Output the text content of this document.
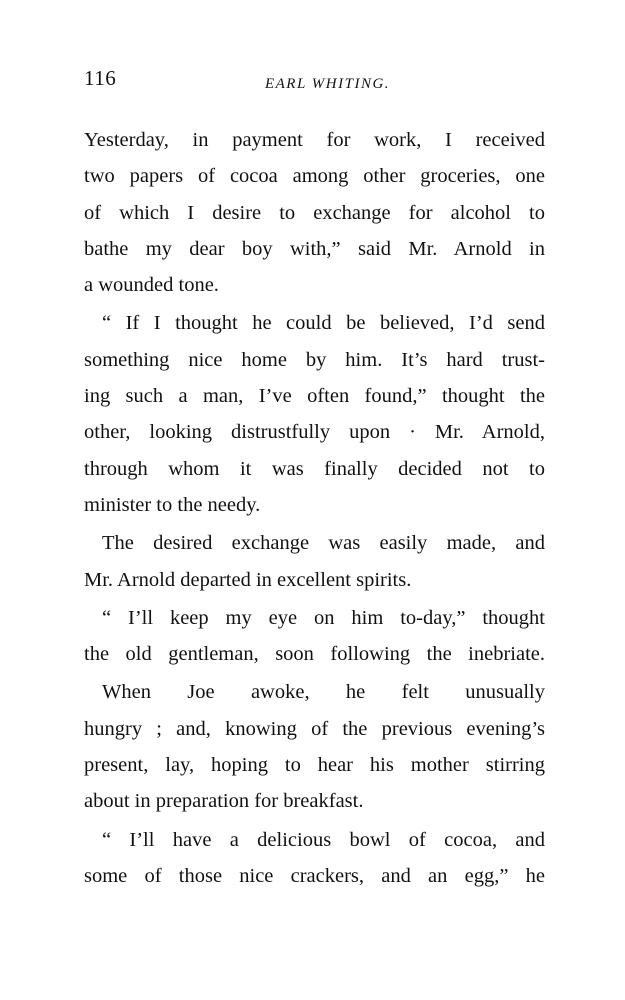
116	EARL WHITING.

Yesterday, in payment for work, I received
two papers of cocoa among other groceries, one
of which I desire to exchange for alcohol to
bathe my dear boy with,” said Mr. Arnold in
a wounded tone.

“ If I thought he could be believed, I’d send
something nice home by him. It’s hard trust-
ing such a man, I’ve often found,” thought the
other, looking distrustfully upon · Mr. Arnold,
through whom it was finally decided not to
minister to the needy.

The desired exchange was easily made, and
Mr. Arnold departed in excellent spirits.

“ I’ll keep my eye on him to-day,” thought
the old gentleman, soon following the inebriate.

When Joe awoke, he felt unusually
hungry ; and, knowing of the previous evening’s
present, lay, hoping to hear his mother stirring
about in preparation for breakfast.

“ I’ll have a delicious bowl of cocoa, and
some of those nice crackers, and an egg,” he
